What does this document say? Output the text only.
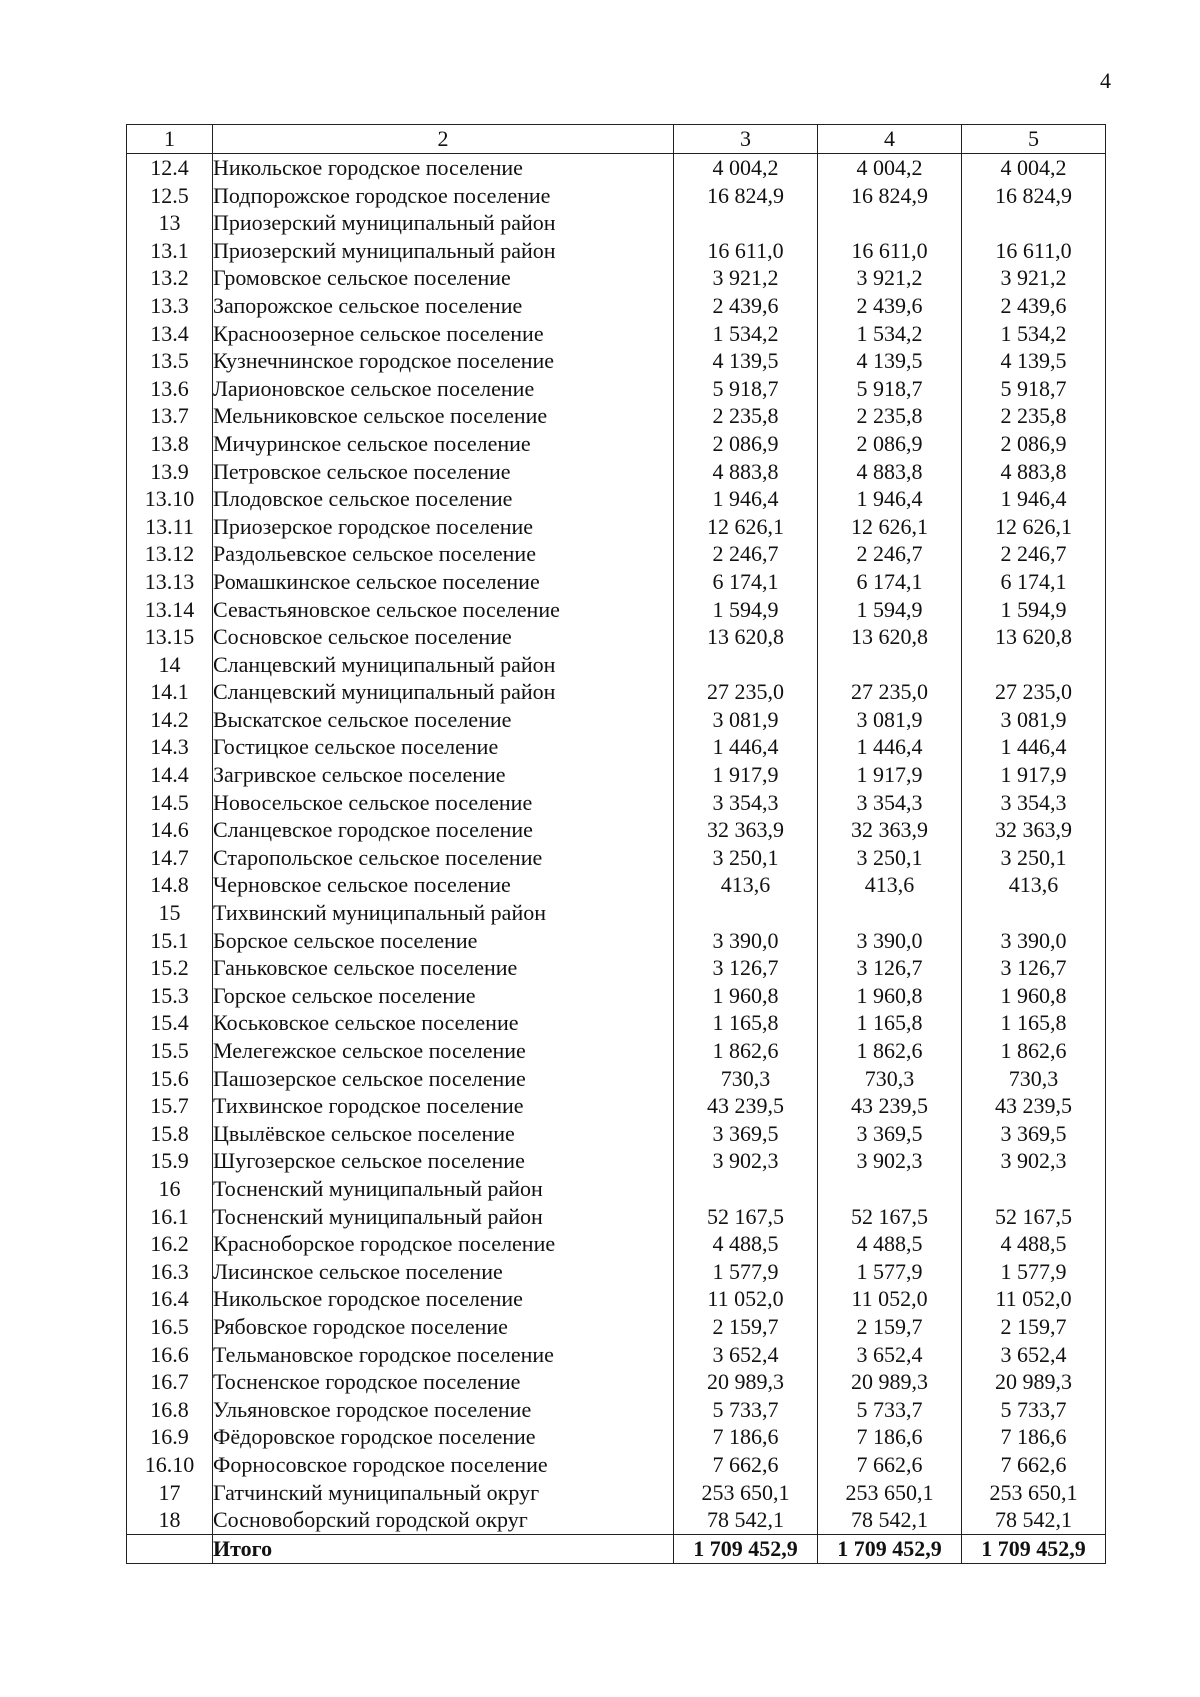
4
1	2	3	4	5
12.4	Никольское городское поселение	4 004,2	4 004,2	4 004,2
12.5	Подпорожское городское поселение	16 824,9	16 824,9	16 824,9
13	Приозерский муниципальный район			
13.1	Приозерский муниципальный район	16 611,0	16 611,0	16 611,0
13.2	Громовское сельское поселение	3 921,2	3 921,2	3 921,2
13.3	Запорожское сельское поселение	2 439,6	2 439,6	2 439,6
13.4	Красноозерное сельское поселение	1 534,2	1 534,2	1 534,2
13.5	Кузнечнинское городское поселение	4 139,5	4 139,5	4 139,5
13.6	Ларионовское сельское поселение	5 918,7	5 918,7	5 918,7
13.7	Мельниковское сельское поселение	2 235,8	2 235,8	2 235,8
13.8	Мичуринское сельское поселение	2 086,9	2 086,9	2 086,9
13.9	Петровское сельское поселение	4 883,8	4 883,8	4 883,8
13.10	Плодовское сельское поселение	1 946,4	1 946,4	1 946,4
13.11	Приозерское городское поселение	12 626,1	12 626,1	12 626,1
13.12	Раздольевское сельское поселение	2 246,7	2 246,7	2 246,7
13.13	Ромашкинское сельское поселение	6 174,1	6 174,1	6 174,1
13.14	Севастьяновское сельское поселение	1 594,9	1 594,9	1 594,9
13.15	Сосновское сельское поселение	13 620,8	13 620,8	13 620,8
14	Сланцевский муниципальный район			
14.1	Сланцевский муниципальный район	27 235,0	27 235,0	27 235,0
14.2	Выскатское сельское поселение	3 081,9	3 081,9	3 081,9
14.3	Гостицкое сельское поселение	1 446,4	1 446,4	1 446,4
14.4	Загривское сельское поселение	1 917,9	1 917,9	1 917,9
14.5	Новосельское сельское поселение	3 354,3	3 354,3	3 354,3
14.6	Сланцевское городское поселение	32 363,9	32 363,9	32 363,9
14.7	Старопольское сельское поселение	3 250,1	3 250,1	3 250,1
14.8	Черновское сельское поселение	413,6	413,6	413,6
15	Тихвинский муниципальный район			
15.1	Борское сельское поселение	3 390,0	3 390,0	3 390,0
15.2	Ганьковское сельское поселение	3 126,7	3 126,7	3 126,7
15.3	Горское сельское поселение	1 960,8	1 960,8	1 960,8
15.4	Коськовское сельское поселение	1 165,8	1 165,8	1 165,8
15.5	Мелегежское сельское поселение	1 862,6	1 862,6	1 862,6
15.6	Пашозерское сельское поселение	730,3	730,3	730,3
15.7	Тихвинское городское поселение	43 239,5	43 239,5	43 239,5
15.8	Цвылёвское сельское поселение	3 369,5	3 369,5	3 369,5
15.9	Шугозерское сельское поселение	3 902,3	3 902,3	3 902,3
16	Тосненский муниципальный район			
16.1	Тосненский муниципальный район	52 167,5	52 167,5	52 167,5
16.2	Красноборское городское поселение	4 488,5	4 488,5	4 488,5
16.3	Лисинское сельское поселение	1 577,9	1 577,9	1 577,9
16.4	Никольское городское поселение	11 052,0	11 052,0	11 052,0
16.5	Рябовское городское поселение	2 159,7	2 159,7	2 159,7
16.6	Тельмановское городское поселение	3 652,4	3 652,4	3 652,4
16.7	Тосненское городское поселение	20 989,3	20 989,3	20 989,3
16.8	Ульяновское городское поселение	5 733,7	5 733,7	5 733,7
16.9	Фёдоровское городское поселение	7 186,6	7 186,6	7 186,6
16.10	Форносовское городское поселение	7 662,6	7 662,6	7 662,6
17	Гатчинский муниципальный округ	253 650,1	253 650,1	253 650,1
18	Сосновоборский городской округ	78 542,1	78 542,1	78 542,1
	Итого	1 709 452,9	1 709 452,9	1 709 452,9
